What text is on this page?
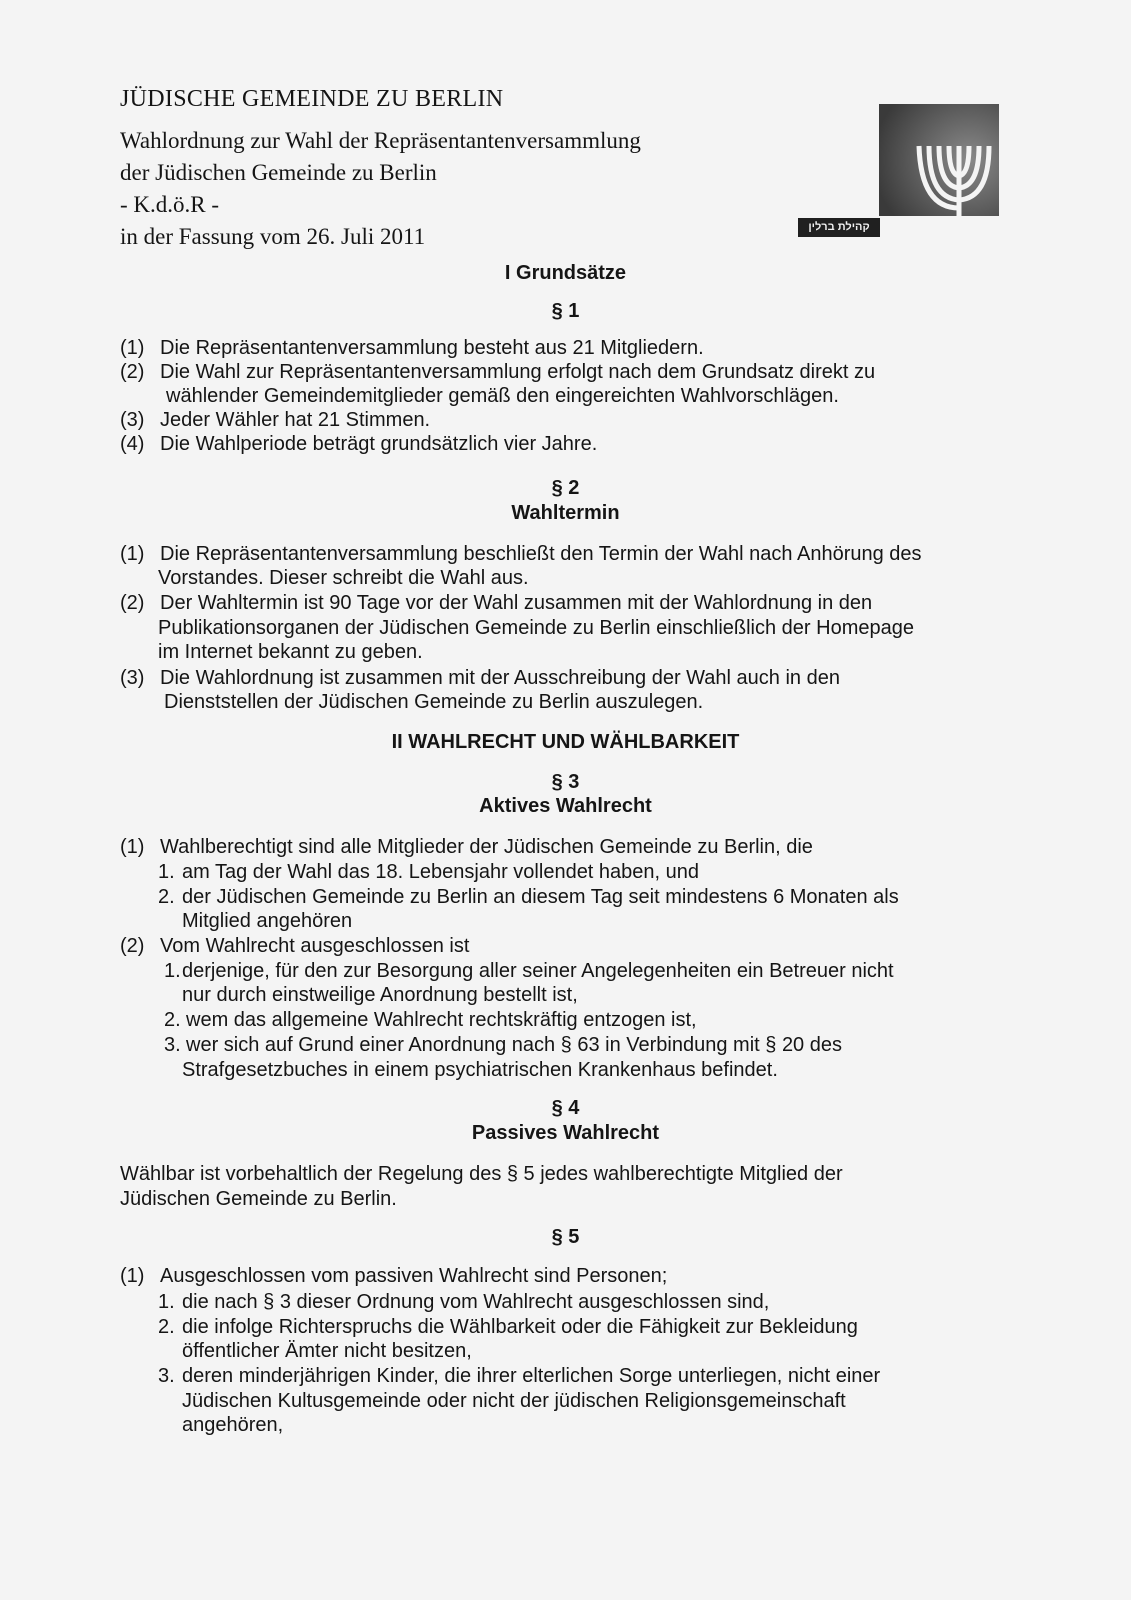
JÜDISCHE GEMEINDE ZU BERLIN

Wahlordnung zur Wahl der Repräsentantenversammlung

der Jüdischen Gemeinde zu Berlin

- K.d.ö.R -

in der Fassung vom 26. Juli 2011	קהילת ברלין
I Grundsätze
§ 1
(1) Die Repräsentantenversammlung besteht aus 21 Mitgliedern.

(2) Die Wahl zur Repräsentantenversammlung erfolgt nach dem Grundsatz direkt zu

wählender Gemeindemitglieder gemäß den eingereichten Wahlvorschlägen.

(3) Jeder Wähler hat 21 Stimmen.

(4) Die Wahlperiode beträgt grundsätzlich vier Jahre.

§ 2
Wahltermin
(1) Die Repräsentantenversammlung beschließt den Termin der Wahl nach Anhörung des

Vorstandes. Dieser schreibt die Wahl aus.

(2) Der Wahltermin ist 90 Tage vor der Wahl zusammen mit der Wahlordnung in den

Publikationsorganen der Jüdischen Gemeinde zu Berlin einschließlich der Homepage

im Internet bekannt zu geben.

(3) Die Wahlordnung ist zusammen mit der Ausschreibung der Wahl auch in den

Dienststellen der Jüdischen Gemeinde zu Berlin auszulegen.

II WAHLRECHT UND WÄHLBARKEIT
§ 3
Aktives Wahlrecht
(1) Wahlberechtigt sind alle Mitglieder der Jüdischen Gemeinde zu Berlin, die

1. am Tag der Wahl das 18. Lebensjahr vollendet haben, und

2. der Jüdischen Gemeinde zu Berlin an diesem Tag seit mindestens 6 Monaten als

Mitglied angehören

(2) Vom Wahlrecht ausgeschlossen ist

1. derjenige, für den zur Besorgung aller seiner Angelegenheiten ein Betreuer nicht

nur durch einstweilige Anordnung bestellt ist,

2. wem das allgemeine Wahlrecht rechtskräftig entzogen ist,

3. wer sich auf Grund einer Anordnung nach § 63 in Verbindung mit § 20 des

Strafgesetzbuches in einem psychiatrischen Krankenhaus befindet.

§ 4
Passives Wahlrecht

Wählbar ist vorbehaltlich der Regelung des § 5 jedes wahlberechtigte Mitglied der

Jüdischen Gemeinde zu Berlin.

§ 5
(1) Ausgeschlossen vom passiven Wahlrecht sind Personen;

1. die nach § 3 dieser Ordnung vom Wahlrecht ausgeschlossen sind,

2. die infolge Richterspruchs die Wählbarkeit oder die Fähigkeit zur Bekleidung

öffentlicher Ämter nicht besitzen,

3. deren minderjährigen Kinder, die ihrer elterlichen Sorge unterliegen, nicht einer

Jüdischen Kultusgemeinde oder nicht der jüdischen Religionsgemeinschaft

angehören,
